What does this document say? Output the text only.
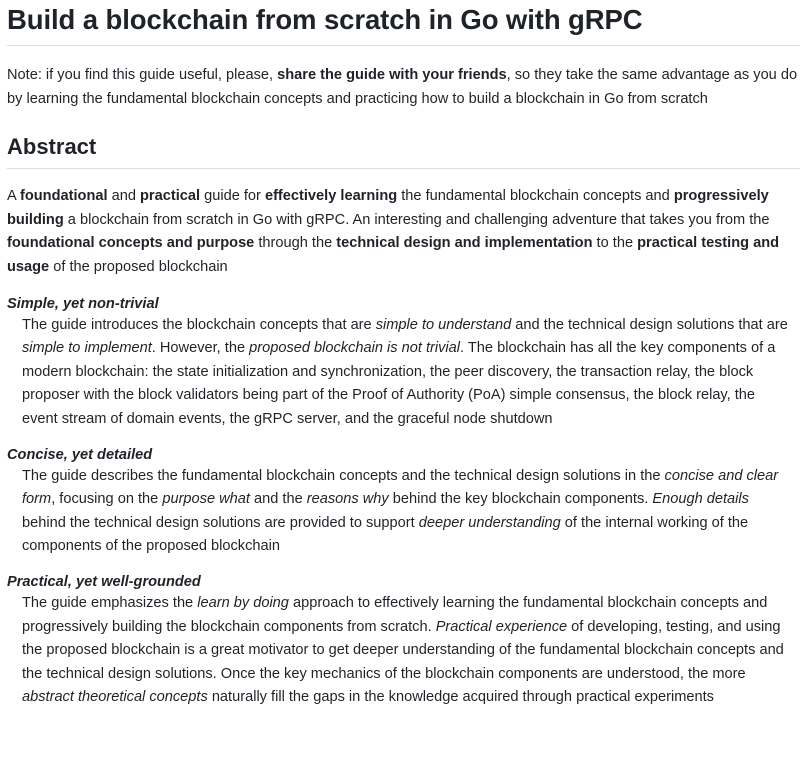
Build a blockchain from scratch in Go with gRPC

Note: if you find this guide useful, please, share the guide with your friends, so they take the same advantage as you do by learning the fundamental blockchain concepts and practicing how to build a blockchain in Go from scratch

Abstract

A foundational and practical guide for effectively learning the fundamental blockchain concepts and progressively building a blockchain from scratch in Go with gRPC. An interesting and challenging adventure that takes you from the foundational concepts and purpose through the technical design and implementation to the practical testing and usage of the proposed blockchain

Simple, yet non-trivial
The guide introduces the blockchain concepts that are simple to understand and the technical design solutions that are simple to implement. However, the proposed blockchain is not trivial. The blockchain has all the key components of a modern blockchain: the state initialization and synchronization, the peer discovery, the transaction relay, the block proposer with the block validators being part of the Proof of Authority (PoA) simple consensus, the block relay, the event stream of domain events, the gRPC server, and the graceful node shutdown
Concise, yet detailed
The guide describes the fundamental blockchain concepts and the technical design solutions in the concise and clear form, focusing on the purpose what and the reasons why behind the key blockchain components. Enough details behind the technical design solutions are provided to support deeper understanding of the internal working of the components of the proposed blockchain
Practical, yet well-grounded
The guide emphasizes the learn by doing approach to effectively learning the fundamental blockchain concepts and progressively building the blockchain components from scratch. Practical experience of developing, testing, and using the proposed blockchain is a great motivator to get deeper understanding of the fundamental blockchain concepts and the technical design solutions. Once the key mechanics of the blockchain components are understood, the more abstract theoretical concepts naturally fill the gaps in the knowledge acquired through practical experiments
